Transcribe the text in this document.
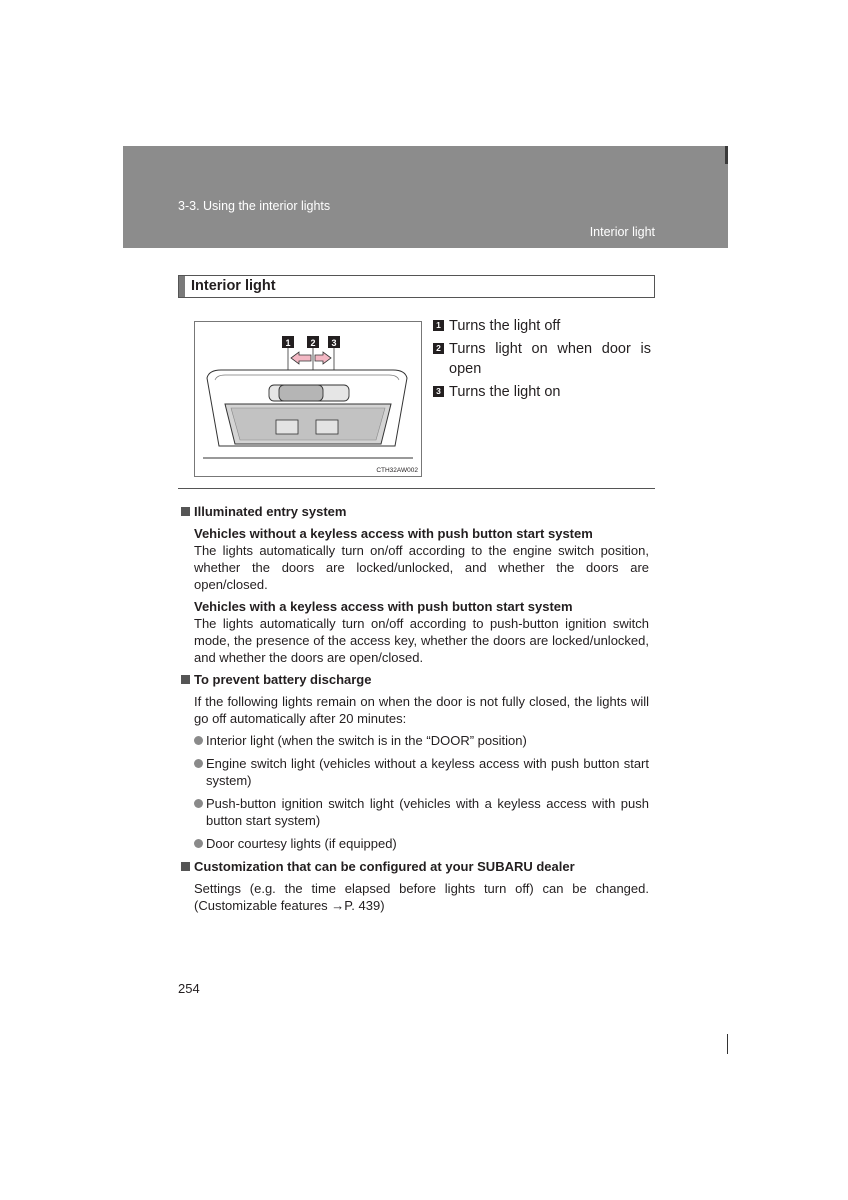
3-3. Using the interior lights
Interior light
Interior light
1 2 3
CTH32AW002
1 Turns the light off
2 Turns light on when door is open
3 Turns the light on

Illuminated entry system

Vehicles without a keyless access with push button start system

The lights automatically turn on/off according to the engine switch position, whether the doors are locked/unlocked, and whether the doors are open/closed.

Vehicles with a keyless access with push button start system

The lights automatically turn on/off according to push-button ignition switch mode, the presence of the access key, whether the doors are locked/unlocked, and whether the doors are open/closed.

To prevent battery discharge

If the following lights remain on when the door is not fully closed, the lights will go off automatically after 20 minutes:

Interior light (when the switch is in the “DOOR” position)
Engine switch light (vehicles without a keyless access with push button start system)
Push-button ignition switch light (vehicles with a keyless access with push button start system)
Door courtesy lights (if equipped)

Customization that can be configured at your SUBARU dealer

Settings (e.g. the time elapsed before lights turn off) can be changed. (Customizable features →P. 439)

254
